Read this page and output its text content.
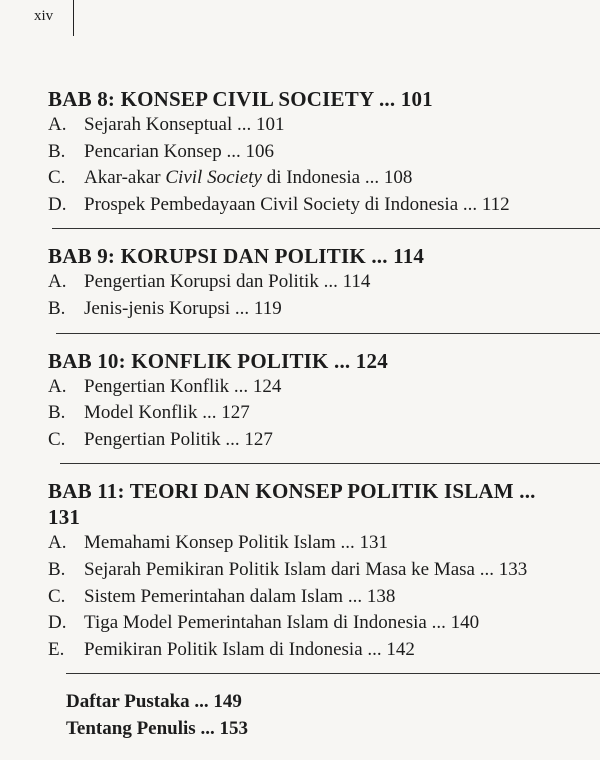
xiv
BAB 8: KONSEP CIVIL SOCIETY ... 101
A. Sejarah Konseptual ... 101
B. Pencarian Konsep ... 106
C. Akar-akar Civil Society di Indonesia ... 108
D. Prospek Pembedayaan Civil Society di Indonesia ... 112
BAB 9: KORUPSI DAN POLITIK ... 114
A. Pengertian Korupsi dan Politik ... 114
B. Jenis-jenis Korupsi ... 119
BAB 10: KONFLIK POLITIK ... 124
A. Pengertian Konflik ... 124
B. Model Konflik ... 127
C. Pengertian Politik ... 127
BAB 11: TEORI DAN KONSEP POLITIK ISLAM ... 131
A. Memahami Konsep Politik Islam ... 131
B. Sejarah Pemikiran Politik Islam dari Masa ke Masa ... 133
C. Sistem Pemerintahan dalam Islam ... 138
D. Tiga Model Pemerintahan Islam di Indonesia ... 140
E.	Pemikiran Politik Islam di Indonesia ... 142
Daftar Pustaka ... 149
Tentang Penulis ... 153
